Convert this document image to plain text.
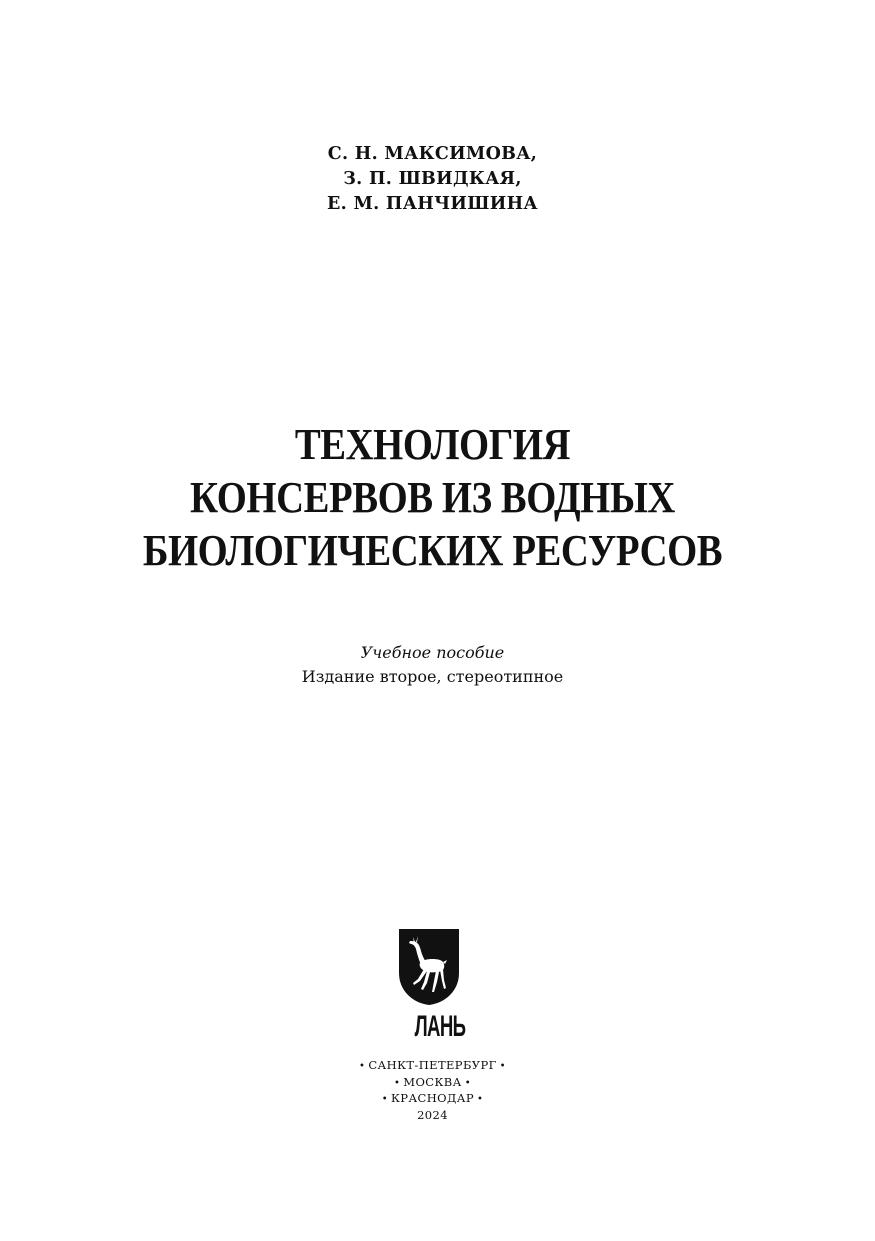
С. Н. МАКСИМОВА,
З. П. ШВИДКАЯ,
Е. М. ПАНЧИШИНА
ТЕХНОЛОГИЯ
КОНСЕРВОВ ИЗ ВОДНЫХ
БИОЛОГИЧЕСКИХ РЕСУРСОВ
Учебное пособие
Издание второе, стереотипное
ЛАНЬ
• САНКТ-ПЕТЕРБУРГ •
• МОСКВА •
• КРАСНОДАР •
2024
